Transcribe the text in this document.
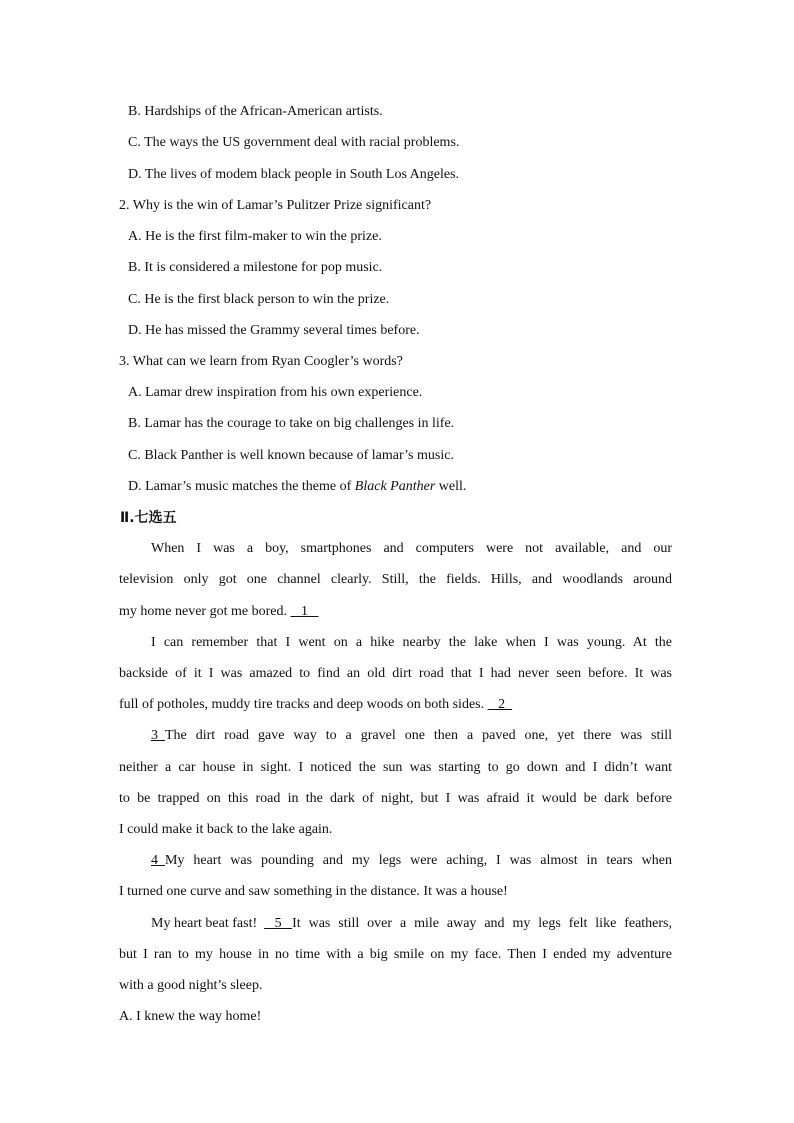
B. Hardships of the African-American artists.
C. The ways the US government deal with racial problems.
D. The lives of modem black people in South Los Angeles.
2. Why is the win of Lamar’s Pulitzer Prize significant?
A. He is the first film-maker to win the prize.
B. It is considered a milestone for pop music.
C. He is the first black person to win the prize.
D. He has missed the Grammy several times before.
3. What can we learn from Ryan Coogler’s words?
A. Lamar drew inspiration from his own experience.
B. Lamar has the courage to take on big challenges in life.
C. Black Panther is well known because of lamar’s music.
D. Lamar’s music matches the theme of Black Panther well.
Ⅱ.七选五
When I was a boy, smartphones and computers were not available, and our
television only got one channel clearly. Still, the fields. Hills, and woodlands around
my home never got me bored.    1
I can remember that I went on a hike nearby the lake when I was young. At the
backside of it I was amazed to find an old dirt road that I had never seen before. It was
full of potholes, muddy tire tracks and deep woods on both sides.    2
3 The dirt road gave way to a gravel one then a paved one, yet there was still
neither a car house in sight. I noticed the sun was starting to go down and I didn’t want
to be trapped on this road in the dark of night, but I was afraid it would be dark before
I could make it back to the lake again.
4 My heart was pounding and my legs were aching, I was almost in tears when
I turned one curve and saw something in the distance. It was a house!
My heart beat fast!
5 It was still over a mile away and my legs felt like feathers,
but I ran to my house in no time with a big smile on my face. Then I ended my adventure
with a good night’s sleep.
A. I knew the way home!
